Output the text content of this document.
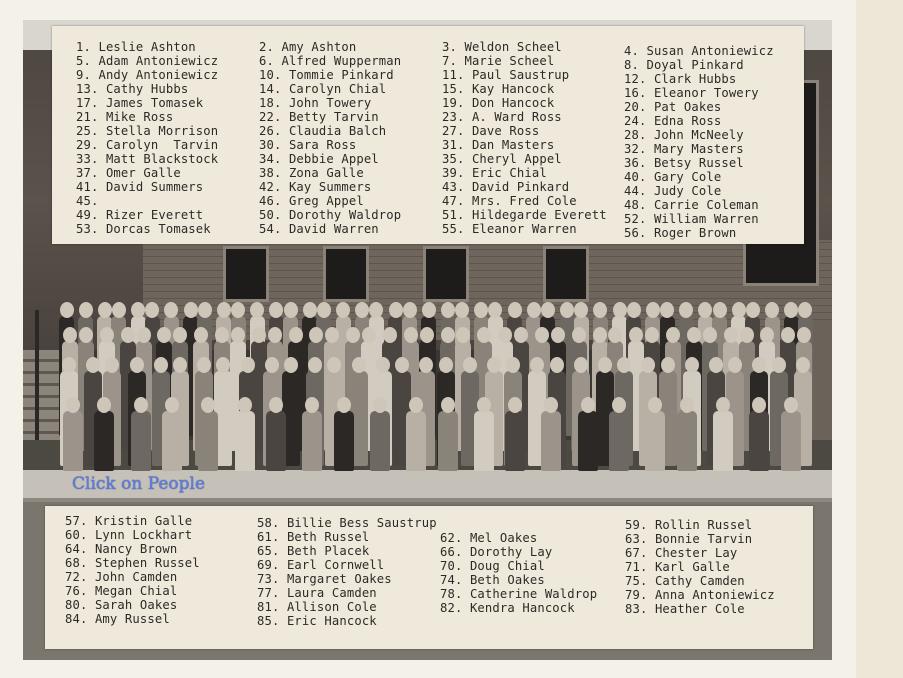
1. Leslie Ashton
5. Adam Antoniewicz
9. Andy Antoniewicz
13. Cathy Hubbs
17. James Tomasek
21. Mike Ross
25. Stella Morrison
29. Carolyn  Tarvin
33. Matt Blackstock
37. Omer Galle
41. David Summers
45.
49. Rizer Everett
53. Dorcas Tomasek
2. Amy Ashton
6. Alfred Wupperman
10. Tommie Pinkard
14. Carolyn Chial
18. John Towery
22. Betty Tarvin
26. Claudia Balch
30. Sara Ross
34. Debbie Appel
38. Zona Galle
42. Kay Summers
46. Greg Appel
50. Dorothy Waldrop
54. David Warren
3. Weldon Scheel
7. Marie Scheel
11. Paul Saustrup
15. Kay Hancock
19. Don Hancock
23. A. Ward Ross
27. Dave Ross
31. Dan Masters
35. Cheryl Appel
39. Eric Chial
43. David Pinkard
47. Mrs. Fred Cole
51. Hildegarde Everett
55. Eleanor Warren
4. Susan Antoniewicz
8. Doyal Pinkard
12. Clark Hubbs
16. Eleanor Towery
20. Pat Oakes
24. Edna Ross
28. John McNeely
32. Mary Masters
36. Betsy Russel
40. Gary Cole
44. Judy Cole
48. Carrie Coleman
52. William Warren
56. Roger Brown
Click on People
57. Kristin Galle
60. Lynn Lockhart
64. Nancy Brown
68. Stephen Russel
72. John Camden
76. Megan Chial
80. Sarah Oakes
84. Amy Russel
58. Billie Bess Saustrup
61. Beth Russel
65. Beth Placek
69. Earl Cornwell
73. Margaret Oakes
77. Laura Camden
81. Allison Cole
85. Eric Hancock
62. Mel Oakes
66. Dorothy Lay
70. Doug Chial
74. Beth Oakes
78. Catherine Waldrop
82. Kendra Hancock
59. Rollin Russel
63. Bonnie Tarvin
67. Chester Lay
71. Karl Galle
75. Cathy Camden
79. Anna Antoniewicz
83. Heather Cole
